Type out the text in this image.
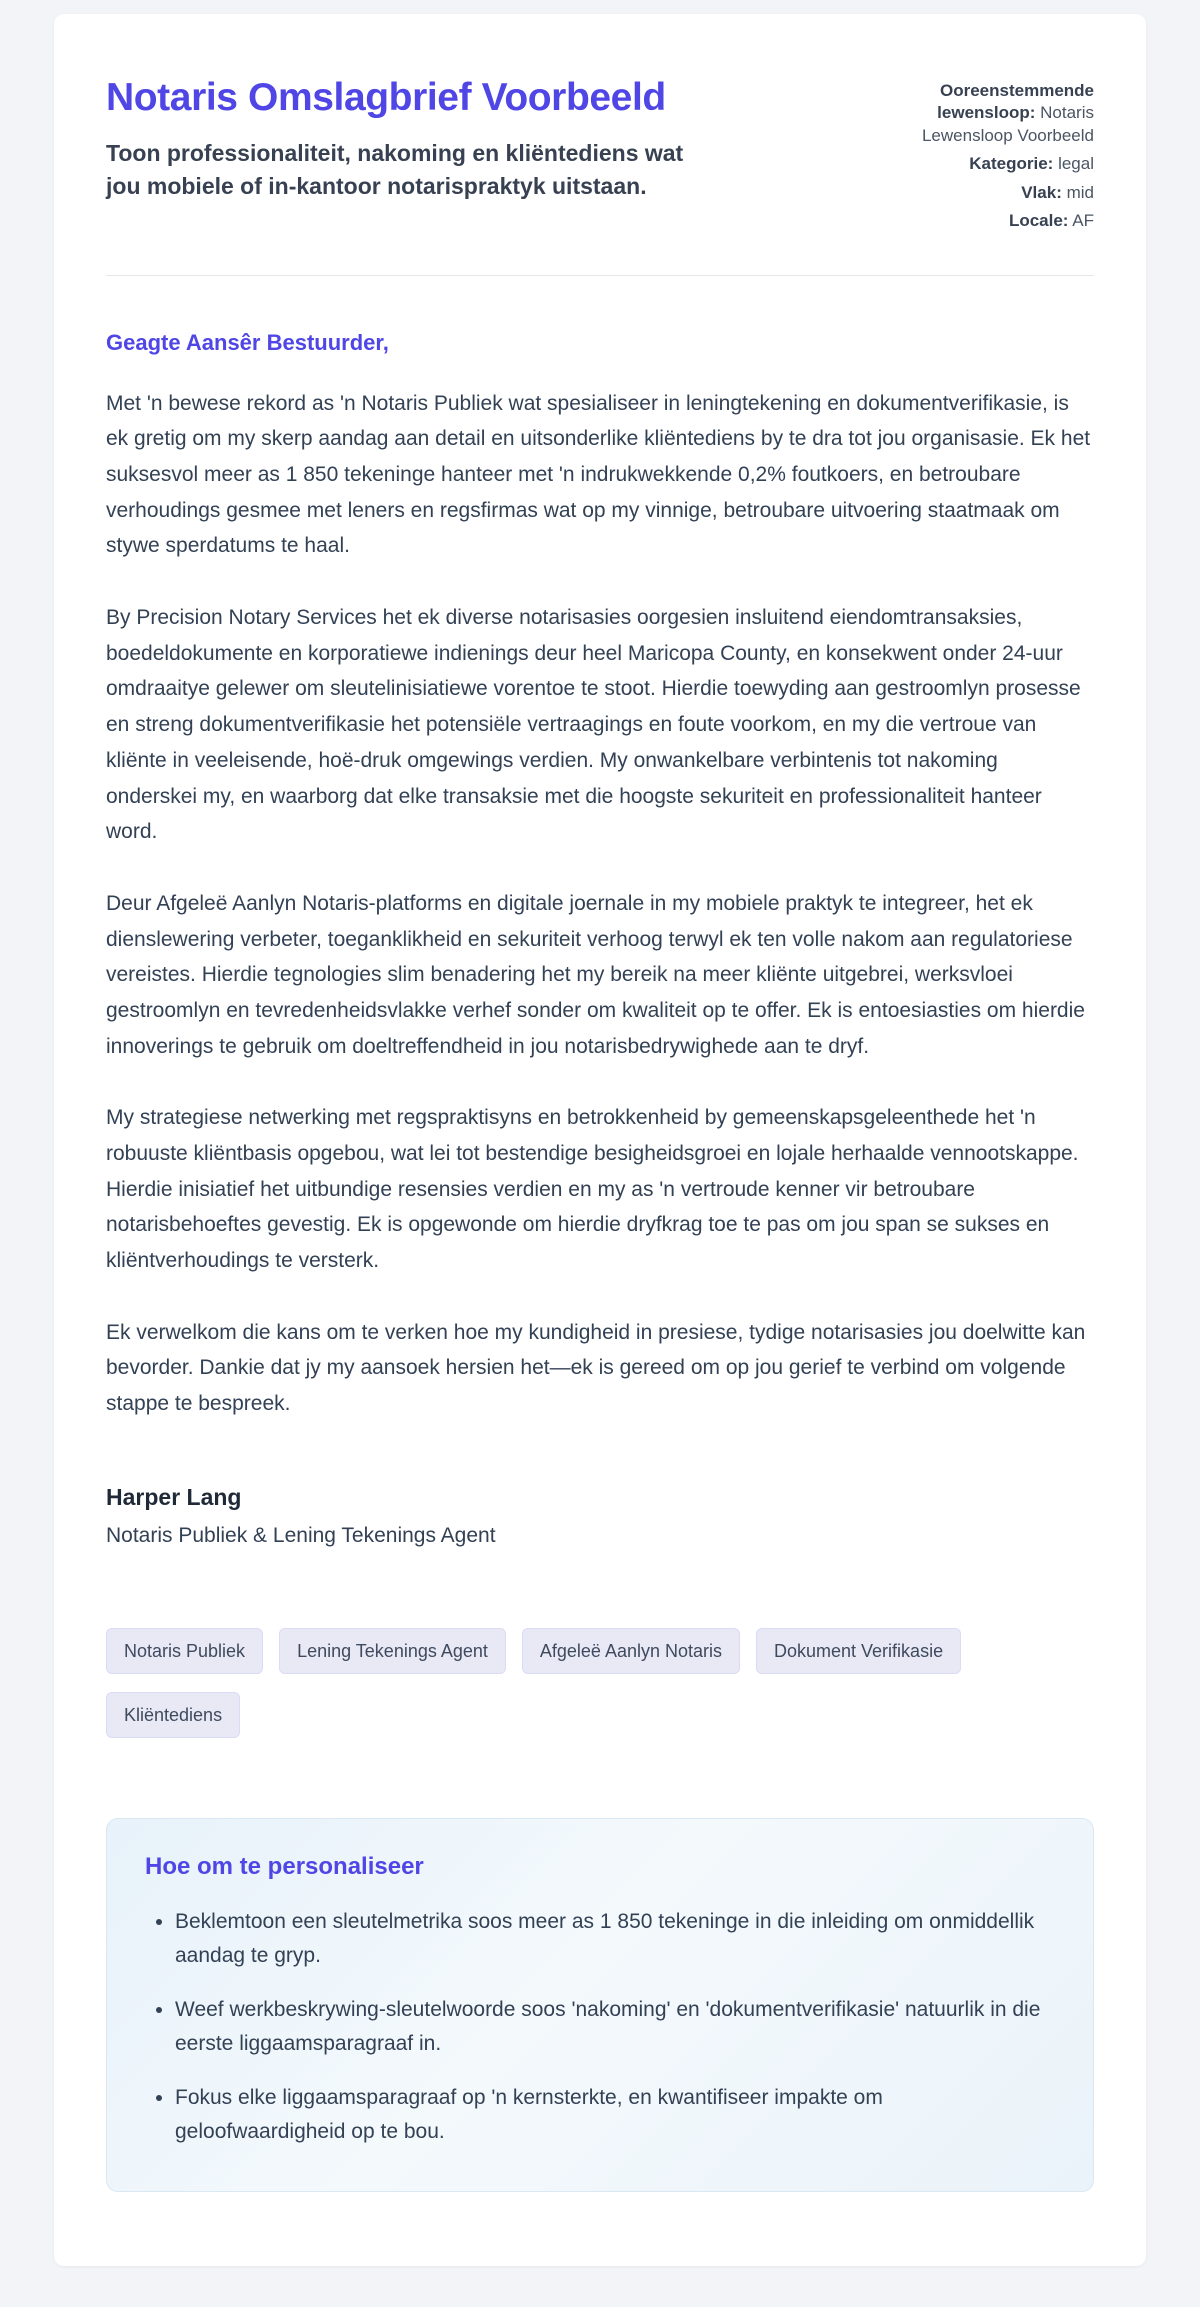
Notaris Omslagbrief Voorbeeld

Toon professionaliteit, nakoming en kliëntediens wat jou mobiele of in-kantoor notarispraktyk uitstaan.

Ooreenstemmende lewensloop: Notaris Lewensloop Voorbeeld
Kategorie: legal
Vlak: mid
Locale: AF

Geagte Aansêr Bestuurder,

Met 'n bewese rekord as 'n Notaris Publiek wat spesialiseer in leningtekening en dokumentverifikasie, is ek gretig om my skerp aandag aan detail en uitsonderlike kliëntediens by te dra tot jou organisasie. Ek het suksesvol meer as 1 850 tekeninge hanteer met 'n indrukwekkende 0,2% foutkoers, en betroubare verhoudings gesmee met leners en regsfirmas wat op my vinnige, betroubare uitvoering staatmaak om stywe sperdatums te haal.

By Precision Notary Services het ek diverse notarisasies oorgesien insluitend eiendomtransaksies, boedeldokumente en korporatiewe indienings deur heel Maricopa County, en konsekwent onder 24-uur omdraaitye gelewer om sleutelinisiatiewe vorentoe te stoot. Hierdie toewyding aan gestroomlyn prosesse en streng dokumentverifikasie het potensiële vertraagings en foute voorkom, en my die vertroue van kliënte in veeleisende, hoë-druk omgewings verdien. My onwankelbare verbintenis tot nakoming onderskei my, en waarborg dat elke transaksie met die hoogste sekuriteit en professionaliteit hanteer word.

Deur Afgeleë Aanlyn Notaris-platforms en digitale joernale in my mobiele praktyk te integreer, het ek dienslewering verbeter, toeganklikheid en sekuriteit verhoog terwyl ek ten volle nakom aan regulatoriese vereistes. Hierdie tegnologies slim benadering het my bereik na meer kliënte uitgebrei, werksvloei gestroomlyn en tevredenheidsvlakke verhef sonder om kwaliteit op te offer. Ek is entoesiasties om hierdie innoverings te gebruik om doeltreffendheid in jou notarisbedrywighede aan te dryf.

My strategiese netwerking met regspraktisyns en betrokkenheid by gemeenskapsgeleenthede het 'n robuuste kliëntbasis opgebou, wat lei tot bestendige besigheidsgroei en lojale herhaalde vennootskappe. Hierdie inisiatief het uitbundige resensies verdien en my as 'n vertroude kenner vir betroubare notarisbehoeftes gevestig. Ek is opgewonde om hierdie dryfkrag toe te pas om jou span se sukses en kliëntverhoudings te versterk.

Ek verwelkom die kans om te verken hoe my kundigheid in presiese, tydige notarisasies jou doelwitte kan bevorder. Dankie dat jy my aansoek hersien het—ek is gereed om op jou gerief te verbind om volgende stappe te bespreek.

Harper Lang

Notaris Publiek & Lening Tekenings Agent

Notaris Publiek	Lening Tekenings Agent	Afgeleë Aanlyn Notaris	Dokument Verifikasie
Kliëntediens
Hoe om te personaliseer
• Beklemtoon een sleutelmetrika soos meer as 1 850 tekeninge in die inleiding om onmiddellik aandag te gryp.
• Weef werkbeskrywing-sleutelwoorde soos 'nakoming' en 'dokumentverifikasie' natuurlik in die eerste liggaamsparagraaf in.
• Fokus elke liggaamsparagraaf op 'n kernsterkte, en kwantifiseer impakte om geloofwaardigheid op te bou.
